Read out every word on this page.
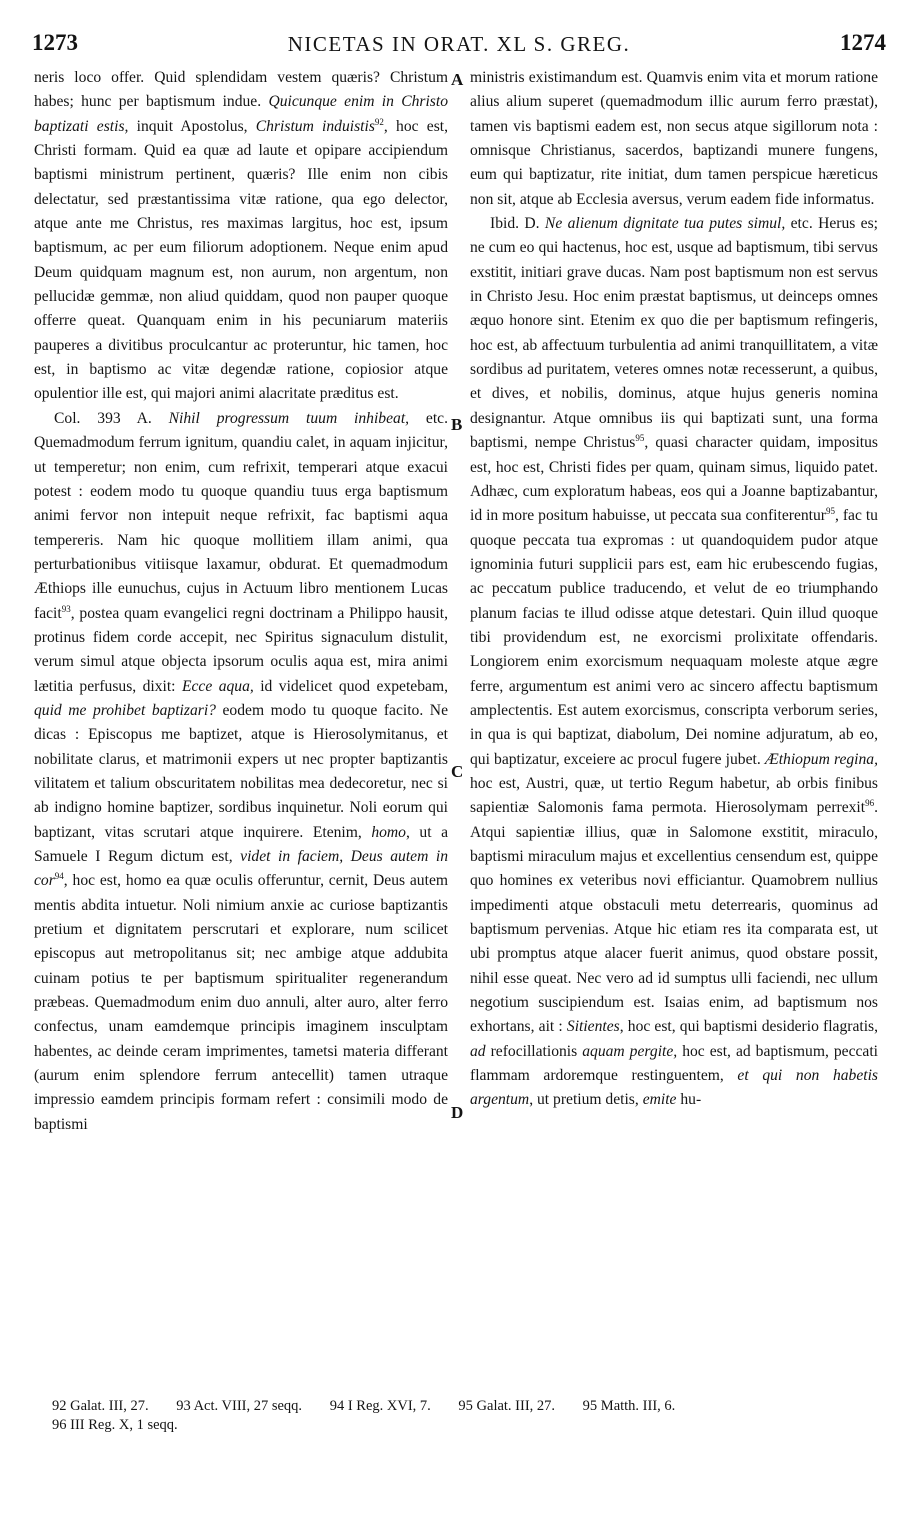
1273	NICETAS IN ORAT. XL S. GREG.	1274

neris loco offer. Quid splendidam vestem quæris? Christum habes; hunc per baptismum indue. Quicunque enim in Christo baptizati estis, inquit Apostolus, Christum induistis$^{92}$, hoc est, Christi formam. Quid ea quæ ad laute et opipare accipiendum baptismi ministrum pertinent, quæris? Ille enim non cibis delectatur, sed præstantissima vitæ ratione, qua ego delector, atque ante me Christus, res maximas largitus, hoc est, ipsum baptismum, ac per eum filiorum adoptionem. Neque enim apud Deum quidquam magnum est, non aurum, non argentum, non pellucidæ gemmæ, non aliud quiddam, quod non pauper quoque offerre queat. Quanquam enim in his pecuniarum materiis pauperes a divitibus proculcantur ac proteruntur, hic tamen, hoc est, in baptismo ac vitæ degendæ ratione, copiosior atque opulentior ille est, qui majori animi alacritate præditus est.

Col. 393 A. Nihil progressum tuum inhibeat, etc. Quemadmodum ferrum ignitum, quandiu calet, in aquam injicitur, ut temperetur; non enim, cum refrixit, temperari atque exacui potest : eodem modo tu quoque quandiu tuus erga baptismum animi fervor non intepuit neque refrixit, fac baptismi aqua tempereris. Nam hic quoque mollitiem illam animi, qua perturbationibus vitiisque laxamur, obdurat. Et quemadmodum Æthiops ille eunuchus, cujus in Actuum libro mentionem Lucas facit$^{93}$, postea quam evangelici regni doctrinam a Philippo hausit, protinus fidem corde accepit, nec Spiritus signaculum distulit, verum simul atque objecta ipsorum oculis aqua est, mira animi lætitia perfusus, dixit: Ecce aqua, id videlicet quod expetebam, quid me prohibet baptizari? eodem modo tu quoque facito. Ne dicas : Episcopus me baptizet, atque is Hierosolymitanus, et nobilitate clarus, et matrimonii expers ut nec propter baptizantis vilitatem et talium obscuritatem nobilitas mea dedecoretur, nec si ab indigno homine baptizer, sordibus inquinetur. Noli eorum qui baptizant, vitas scrutari atque inquirere. Etenim, homo, ut a Samuele I Regum dictum est, videt in faciem, Deus autem in cor$^{94}$, hoc est, homo ea quæ oculis offeruntur, cernit, Deus autem mentis abdita intuetur. Noli nimium anxie ac curiose baptizantis pretium et dignitatem perscrutari et explorare, num scilicet episcopus aut metropolitanus sit; nec ambige atque addubita cuinam potius te per baptismum spiritualiter regenerandum præbeas. Quemadmodum enim duo annuli, alter auro, alter ferro confectus, unam eamdemque principis imaginem insculptam habentes, ac deinde ceram imprimentes, tametsi materia differant (aurum enim splendore ferrum antecellit) tamen utraque impressio eamdem principis formam refert : consimili modo de baptismi

A
B
C
D

ministris existimandum est. Quamvis enim vita et morum ratione alius alium superet (quemadmodum illic aurum ferro præstat), tamen vis baptismi eadem est, non secus atque sigillorum nota : omnisque Christianus, sacerdos, baptizandi munere fungens, eum qui baptizatur, rite initiat, dum tamen perspicue hæreticus non sit, atque ab Ecclesia aversus, verum eadem fide informatus.

Ibid. D. Ne alienum dignitate tua putes simul, etc. Herus es; ne cum eo qui hactenus, hoc est, usque ad baptismum, tibi servus exstitit, initiari grave ducas. Nam post baptismum non est servus in Christo Jesu. Hoc enim præstat baptismus, ut deinceps omnes æquo honore sint. Etenim ex quo die per baptismum refingeris, hoc est, ab affectuum turbulentia ad animi tranquillitatem, a vitæ sordibus ad puritatem, veteres omnes notæ recesserunt, a quibus, et dives, et nobilis, dominus, atque hujus generis nomina designantur. Atque omnibus iis qui baptizati sunt, una forma baptismi, nempe Christus$^{95}$, quasi character quidam, impositus est, hoc est, Christi fides per quam, quinam simus, liquido patet. Adhæc, cum exploratum habeas, eos qui a Joanne baptizabantur, id in more positum habuisse, ut peccata sua confiterentur$^{95}$, fac tu quoque peccata tua expromas : ut quandoquidem pudor atque ignominia futuri supplicii pars est, eam hic erubescendo fugias, ac peccatum publice traducendo, et velut de eo triumphando planum facias te illud odisse atque detestari. Quin illud quoque tibi providendum est, ne exorcismi prolixitate offendaris. Longiorem enim exorcismum nequaquam moleste atque ægre ferre, argumentum est animi vero ac sincero affectu baptismum amplectentis. Est autem exorcismus, conscripta verborum series, in qua is qui baptizat, diabolum, Dei nomine adjuratum, ab eo, qui baptizatur, exceiere ac procul fugere jubet. Æthiopum regina, hoc est, Austri, quæ, ut tertio Regum habetur, ab orbis finibus sapientiæ Salomonis fama permota. Hierosolymam perrexit$^{96}$. Atqui sapientiæ illius, quæ in Salomone exstitit, miraculo, baptismi miraculum majus et excellentius censendum est, quippe quo homines ex veteribus novi efficiantur. Quamobrem nullius impedimenti atque obstaculi metu deterrearis, quominus ad baptismum pervenias. Atque hic etiam res ita comparata est, ut ubi promptus atque alacer fuerit animus, quod obstare possit, nihil esse queat. Nec vero ad id sumptus ulli faciendi, nec ullum negotium suscipiendum est. Isaias enim, ad baptismum nos exhortans, ait : Sitientes, hoc est, qui baptismi desiderio flagratis, ad refocillationis aquam pergite, hoc est, ad baptismum, peccati flammam ardoremque restinguentem, et qui non habetis argentum, ut pretium detis, emite hu-

92 Galat. III, 27. 93 Act. VIII, 27 seqq. 94 I Reg. XVI, 7. 95 Galat. III, 27. 95 Matth. III, 6.
96 III Reg. X, 1 seqq.
